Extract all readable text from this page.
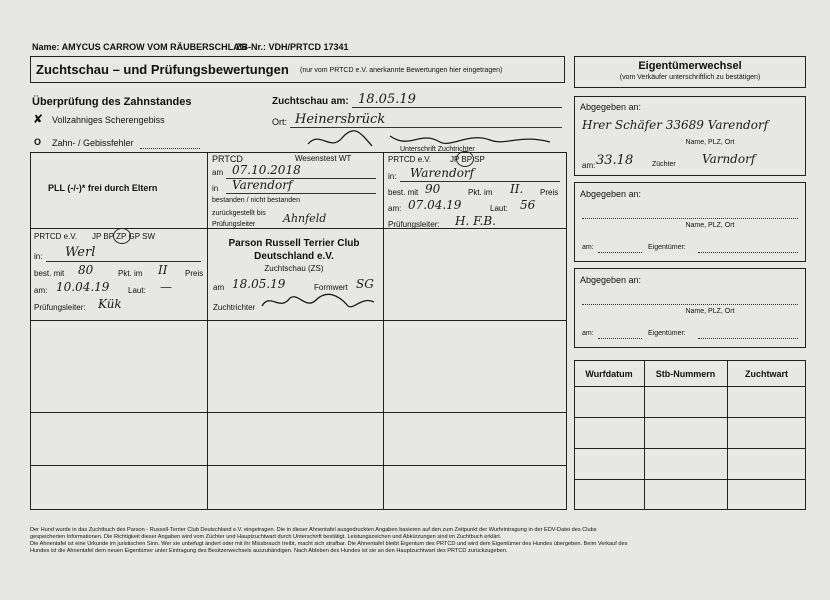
Name: AMYCUS CARROW VOM RÄUBERSCHLAG
ZB-Nr.: VDH/PRTCD 17341
Zuchtschau – und Prüfungsbewertungen (nur vom PRTCD e.V. anerkannte Bewertungen hier eingetragen)
Überprüfung des Zahnstandes
✘ Vollzahniges Scherengebiss
O Zahn- / Gebissfehler
Zuchtschau am: 18.05.19
Ort: Heinersbrück
Unterschrift Zuchtrichter
PLL (-/-)* frei durch Eltern
PRTCD	Wesenstest WT
am 07.10.2018
in Varendorf
bestanden / nicht bestanden
zurückgestellt bis
Prüfungsleiter	Ahnfeld
PRTCD e.V. JP BP SP
in: Warendorf
best. mit 90	Pkt. im II. Preis
am: 07.04.19	Laut: 56
Prüfungsleiter: H. F.B.
PRTCD e.V. JP BP ZP GP SW
in: Werl
best. mit 80	Pkt. im II Preis
am: 10.04.19 Laut: —
Prüfungsleiter: Kük
Parson Russell Terrier Club
Deutschland e.V.
Zuchtschau (ZS)
am 18.05.19	Formwert SG
Zuchtrichter
Eigentümerwechsel
(vom Verkäufer unterschriftlich zu bestätigen)
Abgegeben an:
Hrer Schäfer 33689 Varendorf
Name, PLZ, Ort
am: 33.18	Züchter Varndorf
Abgegeben an:
Name, PLZ, Ort
am:	Eigentümer:
Abgegeben an:
Name, PLZ, Ort
am:	Eigentümer:
Wurfdatum	Stb-Nummern	Zuchtwart
Der Hund wurde in das Zuchtbuch des Parson - Russell-Terrier Club Deutschland e.V. eingetragen. Die in dieser Ahnentafel ausgedruckten Angaben basieren auf den zum Zeitpunkt der Wurfeintragung in der EDV-Datei des Clubs
gespeicherten Informationen. Die Richtigkeit dieser Angaben wird vom Züchter und Hauptzuchtwart durch Unterschrift bestätigt. Leistungszeichen und Abkürzungen sind im Zuchtbuch erklärt.
Die Ahnentafel ist eine Urkunde im juristischen Sinn. Wer sie unbefugt ändert oder mit ihr Missbrauch treibt, macht sich strafbar. Die Ahnentafel bleibt Eigentum des PRTCD und wird dem Eigentümer des Hundes übergeben. Beim Verkauf des
Hundes ist die Ahnentafel dem neuen Eigentümer unter Eintragung des Besitzerwechsels auszuhändigen. Nach Ableben des Hundes ist sie an den Hauptzuchtwart des PRTCD zurückzugeben.
